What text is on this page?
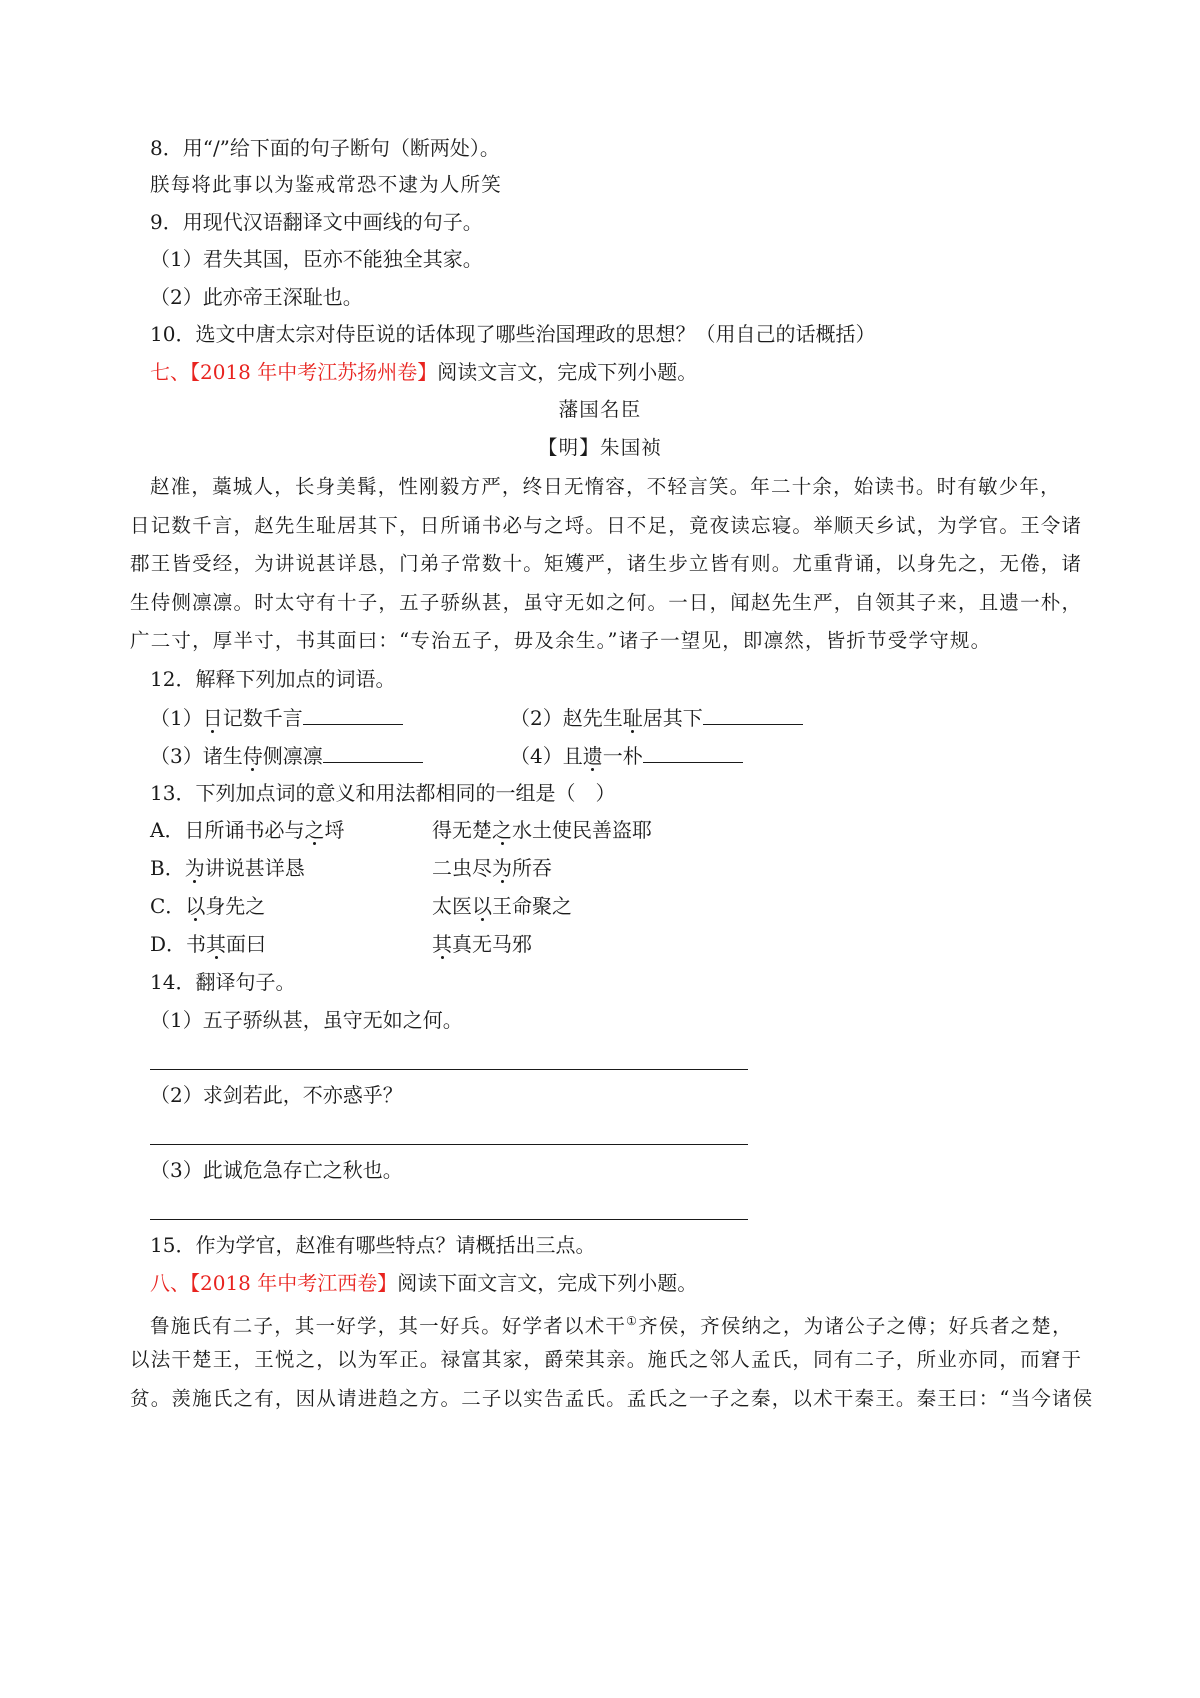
8．用“/”给下面的句子断句（断两处）。
朕每将此事以为鉴戒常恐不逮为人所笑
9．用现代汉语翻译文中画线的句子。
（1）君失其国，臣亦不能独全其家。
（2）此亦帝王深耻也。
10．选文中唐太宗对侍臣说的话体现了哪些治国理政的思想？（用自己的话概括）
七、【2018 年中考江苏扬州卷】阅读文言文，完成下列小题。
藩国名臣
【明】朱国祯
赵准，藁城人，长身美髯，性刚毅方严，终日无惰容，不轻言笑。年二十余，始读书。时有敏少年，
日记数千言，赵先生耻居其下，日所诵书必与之埒。日不足，竟夜读忘寝。举顺天乡试，为学官。王令诸
郡王皆受经，为讲说甚详恳，门弟子常数十。矩矱严，诸生步立皆有则。尤重背诵，以身先之，无倦，诸
生侍侧凛凛。时太守有十子，五子骄纵甚，虽守无如之何。一日，闻赵先生严，自领其子来，且遗一朴，
广二寸，厚半寸，书其面曰：“专治五子，毋及余生。”诸子一望见，即凛然，皆折节受学守规。
12．解释下列加点的词语。
（1）日记数千言	（2）赵先生耻居其下
（3）诸生侍侧凛凛	（4）且遗一朴
13．下列加点词的意义和用法都相同的一组是（　）
A．日所诵书必与之埒	得无楚之水土使民善盗耶
B．为讲说甚详恳	二虫尽为所吞
C．以身先之	太医以王命聚之
D．书其面曰	其真无马邪
14．翻译句子。
（1）五子骄纵甚，虽守无如之何。
（2）求剑若此，不亦惑乎？
（3）此诚危急存亡之秋也。
15．作为学官，赵准有哪些特点？请概括出三点。
八、【2018 年中考江西卷】阅读下面文言文，完成下列小题。
鲁施氏有二子，其一好学，其一好兵。好学者以术干①齐侯，齐侯纳之，为诸公子之傅；好兵者之楚，
以法干楚王，王悦之，以为军正。禄富其家，爵荣其亲。施氏之邻人孟氏，同有二子，所业亦同，而窘于
贫。羡施氏之有，因从请进趋之方。二子以实告孟氏。孟氏之一子之秦，以术干秦王。秦王曰：“当今诸侯
